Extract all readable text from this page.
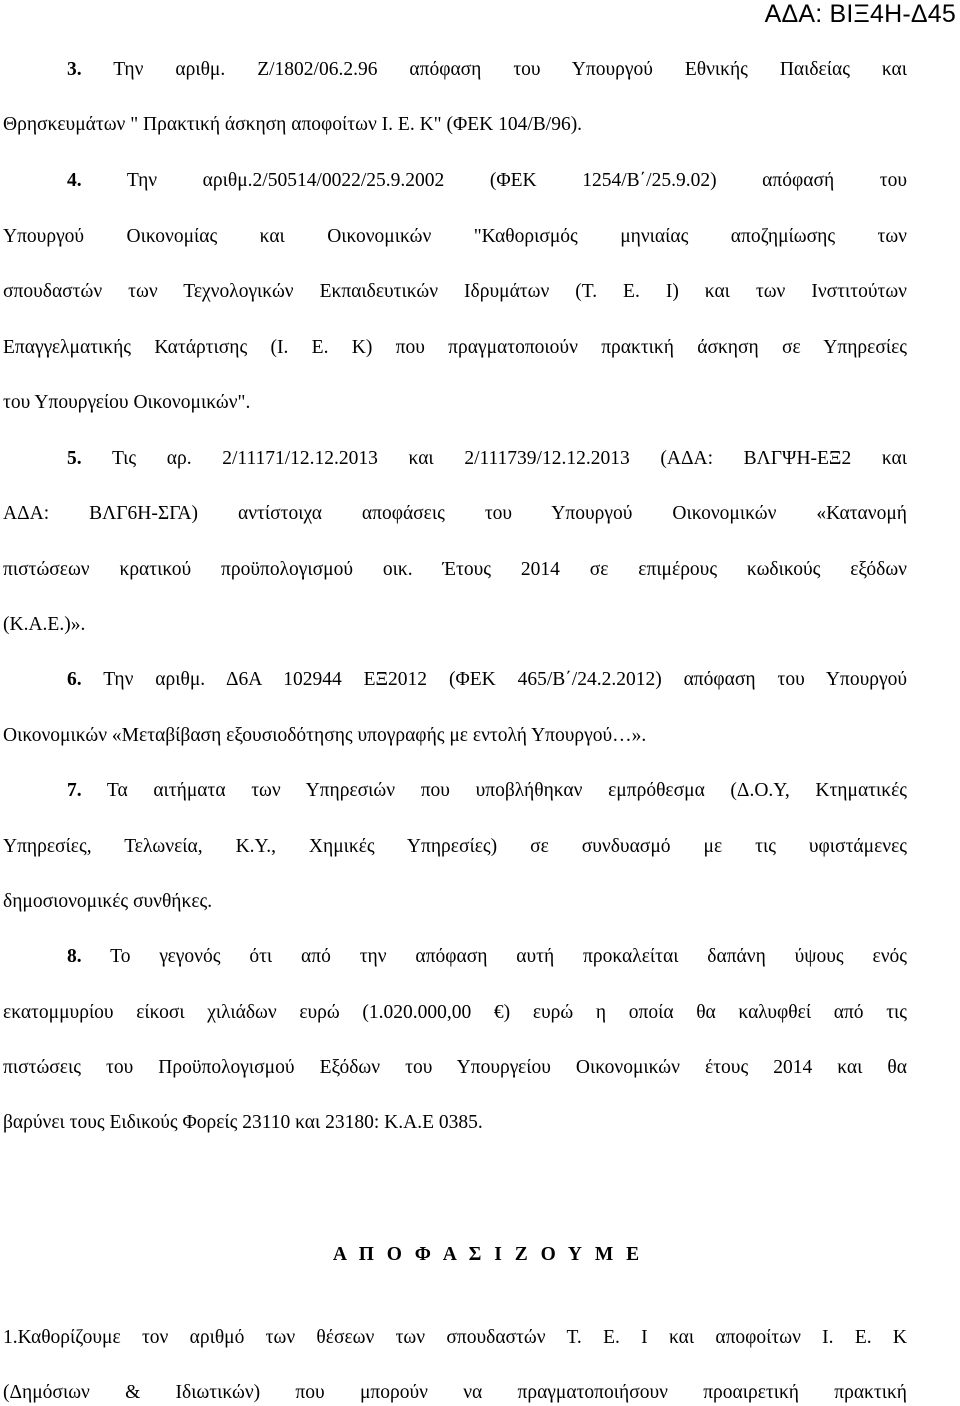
ΑΔΑ: ΒΙΞ4Η-Δ45
3. Την αριθμ. Ζ/1802/06.2.96 απόφαση του Υπουργού Εθνικής Παιδείας και
Θρησκευμάτων " Πρακτική άσκηση αποφοίτων Ι. Ε. Κ" (ΦΕΚ 104/Β/96).
4. Την αριθμ.2/50514/0022/25.9.2002 (ΦΕΚ 1254/Β΄/25.9.02) απόφασή του
Υπουργού Οικονομίας και Οικονομικών "Καθορισμός μηνιαίας αποζημίωσης των
σπουδαστών των Τεχνολογικών Εκπαιδευτικών Ιδρυμάτων (Τ. Ε. Ι) και των Ινστιτούτων
Επαγγελματικής Κατάρτισης (Ι. Ε. Κ) που πραγματοποιούν πρακτική άσκηση σε Υπηρεσίες
του Υπουργείου Οικονομικών".
5. Τις αρ. 2/11171/12.12.2013 και 2/111739/12.12.2013 (ΑΔΑ: ΒΛΓΨΗ-ΕΞ2 και
ΑΔΑ: ΒΛΓ6Η-ΣΓΑ) αντίστοιχα αποφάσεις του Υπουργού Οικονομικών «Κατανομή
πιστώσεων κρατικού προϋπολογισμού οικ. Έτους 2014 σε επιμέρους κωδικούς εξόδων
(Κ.Α.Ε.)».
6. Την αριθμ. Δ6Α 102944 ΕΞ2012 (ΦΕΚ 465/Β΄/24.2.2012) απόφαση του Υπουργού
Οικονομικών «Μεταβίβαση εξουσιοδότησης υπογραφής με εντολή Υπουργού…».
7. Τα αιτήματα των Υπηρεσιών που υποβλήθηκαν εμπρόθεσμα (Δ.Ο.Υ, Κτηματικές
Υπηρεσίες, Τελωνεία, Κ.Υ., Χημικές Υπηρεσίες) σε συνδυασμό με τις υφιστάμενες
δημοσιονομικές συνθήκες.
8. Το γεγονός ότι από την απόφαση αυτή προκαλείται δαπάνη ύψους ενός
εκατομμυρίου είκοσι χιλιάδων ευρώ (1.020.000,00 €) ευρώ η οποία θα καλυφθεί από τις
πιστώσεις του Προϋπολογισμού Εξόδων του Υπουργείου Οικονομικών έτους 2014 και θα
βαρύνει τους Ειδικούς Φορείς 23110 και 23180: Κ.Α.Ε 0385.
Α Π Ο Φ Α Σ Ι Ζ Ο Υ Μ Ε
1.Καθορίζουμε τον αριθμό των θέσεων των σπουδαστών Τ. Ε. Ι και αποφοίτων Ι. Ε. Κ
(Δημόσιων & Ιδιωτικών) που μπορούν να πραγματοποιήσουν προαιρετική πρακτική
